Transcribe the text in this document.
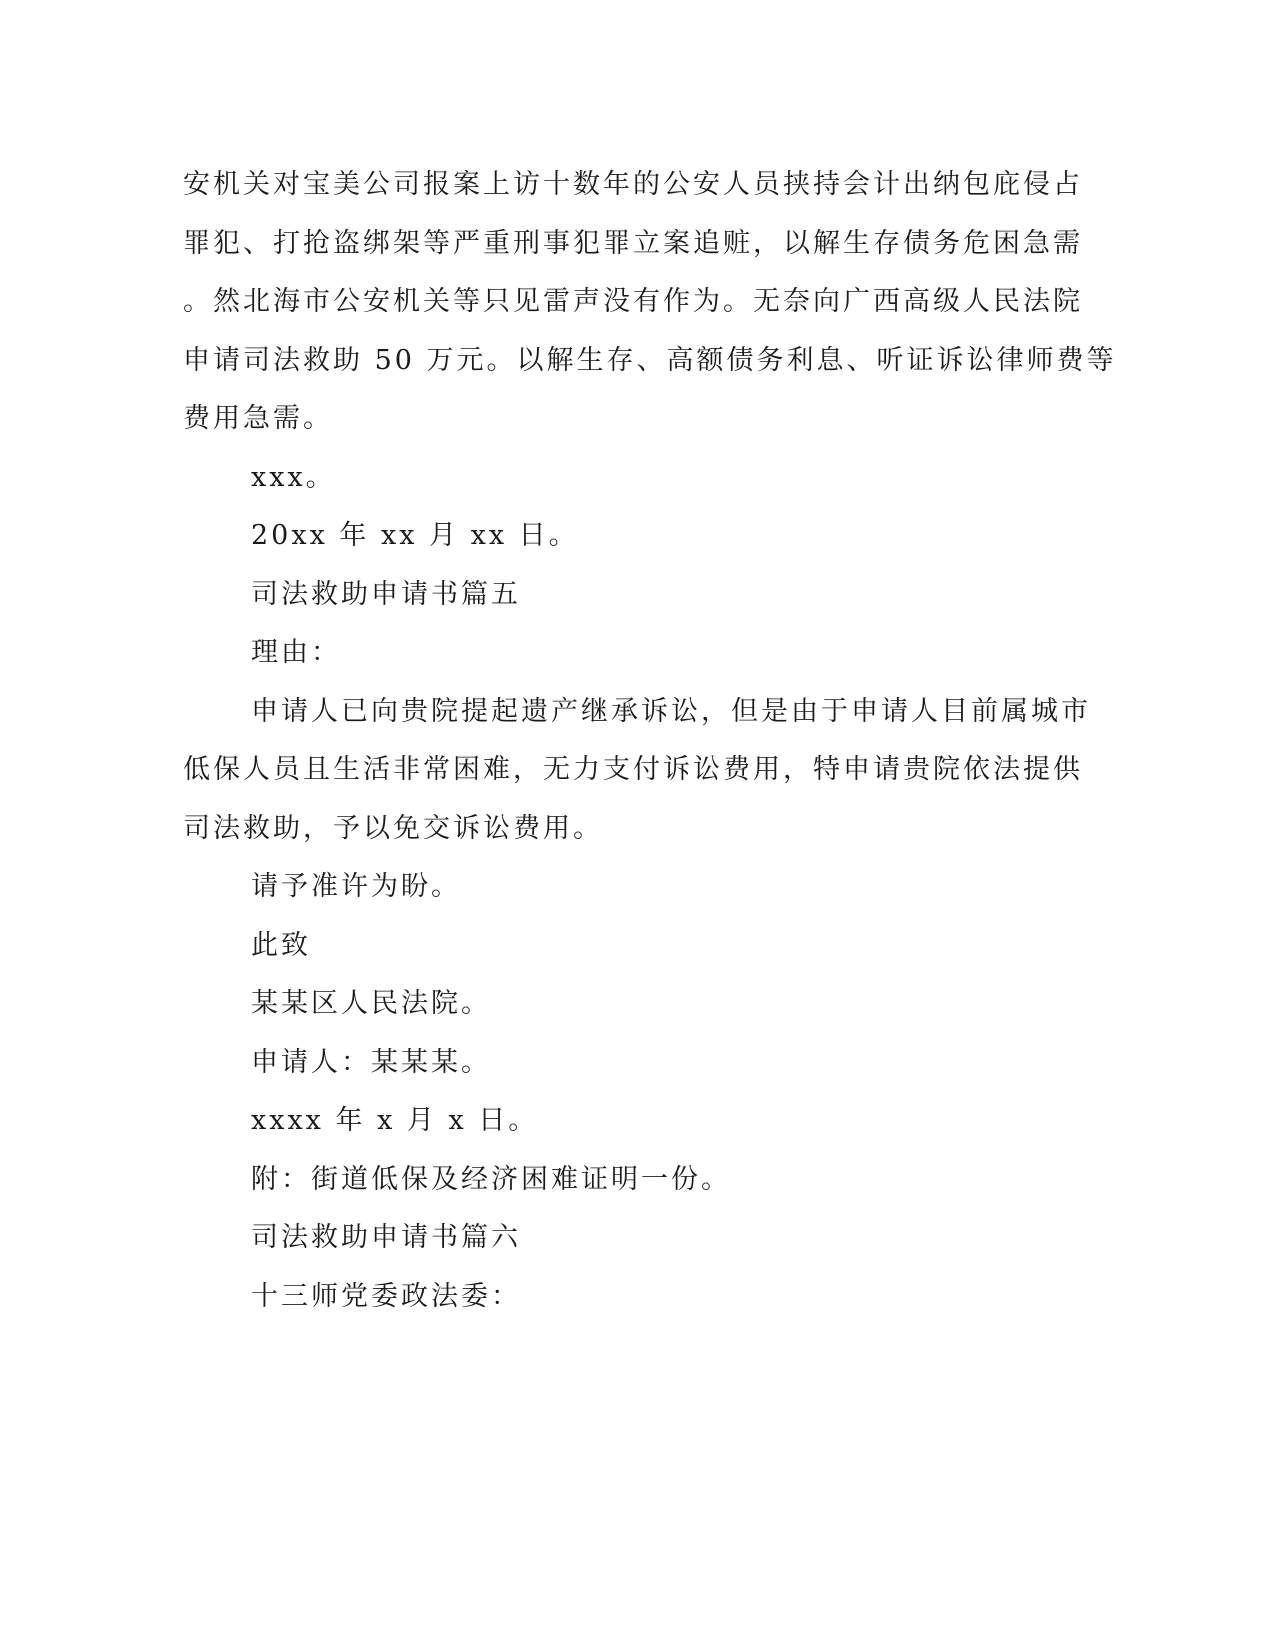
安机关对宝美公司报案上访十数年的公安人员挟持会计出纳包庇侵占
罪犯、打抢盗绑架等严重刑事犯罪立案追赃，以解生存债务危困急需
。然北海市公安机关等只见雷声没有作为。无奈向广西高级人民法院
申请司法救助 50 万元。以解生存、高额债务利息、听证诉讼律师费等
费用急需。
xxx。
20xx 年 xx 月 xx 日。
司法救助申请书篇五
理由：
申请人已向贵院提起遗产继承诉讼，但是由于申请人目前属城市
低保人员且生活非常困难，无力支付诉讼费用，特申请贵院依法提供
司法救助，予以免交诉讼费用。
请予准许为盼。
此致
某某区人民法院。
申请人：某某某。
xxxx 年 x 月 x 日。
附：街道低保及经济困难证明一份。
司法救助申请书篇六
十三师党委政法委：
